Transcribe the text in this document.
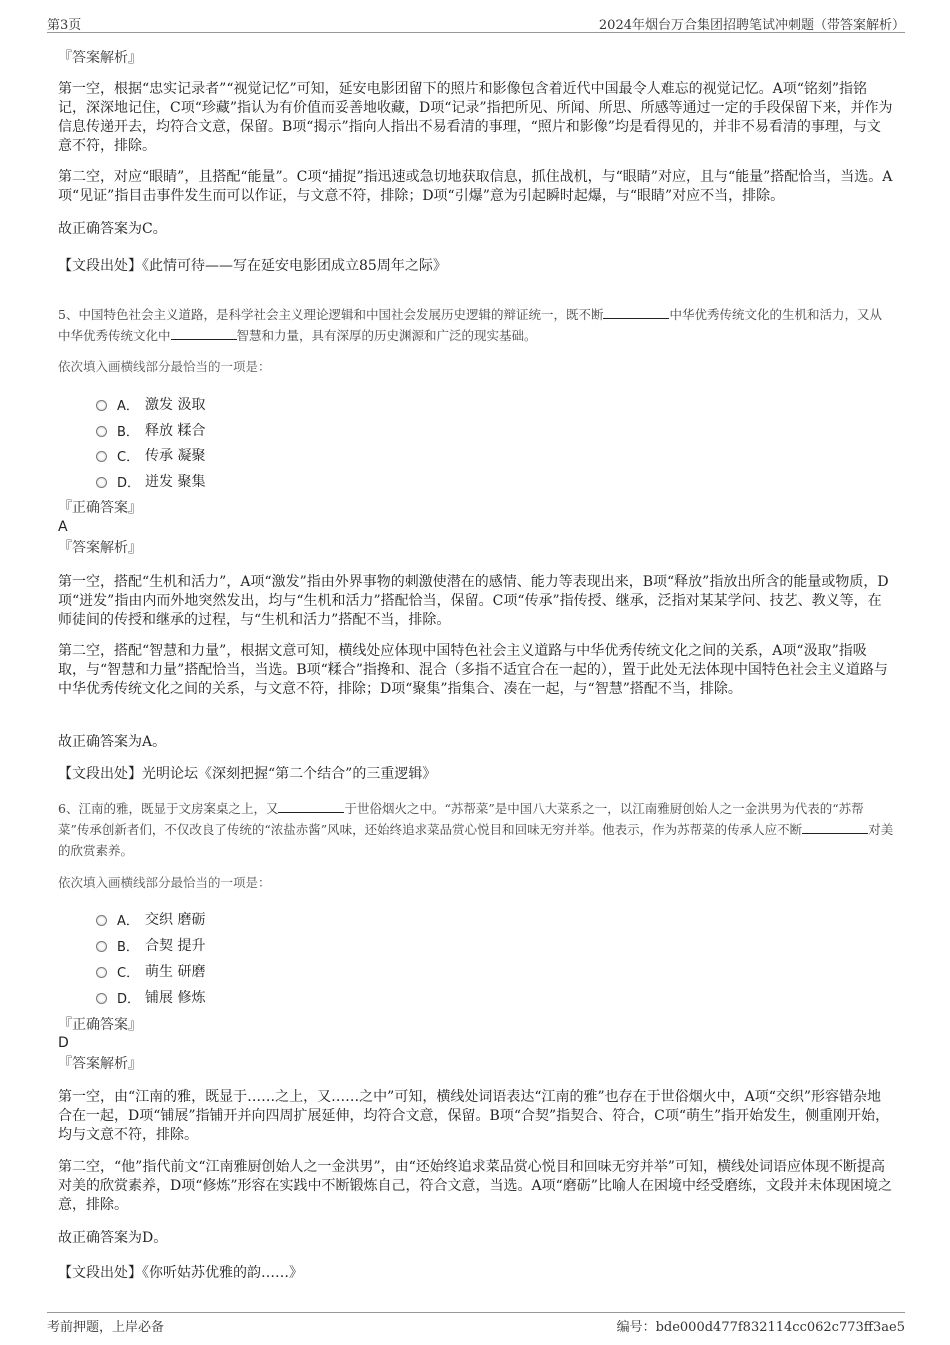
第3页	2024年烟台万合集团招聘笔试冲刺题（带答案解析）
『答案解析』

第一空，根据“忠实记录者”“视觉记忆”可知，延安电影团留下的照片和影像包含着近代中国最令人难忘的视觉记忆。A项“铭刻”指铭记，深深地记住，C项“珍藏”指认为有价值而妥善地收藏，D项“记录”指把所见、所闻、所思、所感等通过一定的手段保留下来，并作为信息传递开去，均符合文意，保留。B项“揭示”指向人指出不易看清的事理，“照片和影像”均是看得见的，并非不易看清的事理，与文意不符，排除。

第二空，对应“眼睛”，且搭配“能量”。C项“捕捉”指迅速或急切地获取信息，抓住战机，与“眼睛”对应，且与“能量”搭配恰当，当选。A项“见证”指目击事件发生而可以作证，与文意不符，排除；D项“引爆”意为引起瞬时起爆，与“眼睛”对应不当，排除。

故正确答案为C。
【文段出处】《此情可待——写在延安电影团成立85周年之际》
5、中国特色社会主义道路，是科学社会主义理论逻辑和中国社会发展历史逻辑的辩证统一，既不断	中华优秀传统文化的生机和活力，又从中华优秀传统文化中	智慧和力量，具有深厚的历史渊源和广泛的现实基础。
依次填入画横线部分最恰当的一项是：
A． 激发 汲取
B． 释放 糅合
C． 传承 凝聚
D． 迸发 聚集
『正确答案』
A
『答案解析』

第一空，搭配“生机和活力”，A项“激发”指由外界事物的刺激使潜在的感情、能力等表现出来，B项“释放”指放出所含的能量或物质，D项“迸发”指由内而外地突然发出，均与“生机和活力”搭配恰当，保留。C项“传承”指传授、继承，泛指对某某学问、技艺、教义等，在师徒间的传授和继承的过程，与“生机和活力”搭配不当，排除。

第二空，搭配“智慧和力量”，根据文意可知，横线处应体现中国特色社会主义道路与中华优秀传统文化之间的关系，A项“汲取”指吸取，与“智慧和力量”搭配恰当，当选。B项“糅合”指搀和、混合（多指不适宜合在一起的），置于此处无法体现中国特色社会主义道路与中华优秀传统文化之间的关系，与文意不符，排除；D项“聚集”指集合、凑在一起，与“智慧”搭配不当，排除。

故正确答案为A。
【文段出处】光明论坛《深刻把握“第二个结合”的三重逻辑》
6、江南的雅，既显于文房案桌之上，又	于世俗烟火之中。“苏帮菜”是中国八大菜系之一，以江南雅厨创始人之一金洪男为代表的“苏帮菜”传承创新者们，不仅改良了传统的“浓盐赤酱”风味，还始终追求菜品赏心悦目和回味无穷并举。他表示，作为苏帮菜的传承人应不断	对美的欣赏素养。
依次填入画横线部分最恰当的一项是：
A． 交织 磨砺
B． 合契 提升
C． 萌生 研磨
D． 铺展 修炼
『正确答案』
D
『答案解析』

第一空，由“江南的雅，既显于……之上，又……之中”可知，横线处词语表达“江南的雅”也存在于世俗烟火中，A项“交织”形容错杂地合在一起，D项“铺展”指铺开并向四周扩展延伸，均符合文意，保留。B项“合契”指契合、符合，C项“萌生”指开始发生，侧重刚开始，均与文意不符，排除。

第二空，“他”指代前文“江南雅厨创始人之一金洪男”，由“还始终追求菜品赏心悦目和回味无穷并举”可知，横线处词语应体现不断提高对美的欣赏素养，D项“修炼”形容在实践中不断锻炼自己，符合文意，当选。A项“磨砺”比喻人在困境中经受磨练，文段并未体现困境之意，排除。

故正确答案为D。
【文段出处】《你听姑苏优雅的韵……》
考前押题，上岸必备	编号：bde000d477f832114cc062c773ff3ae5
